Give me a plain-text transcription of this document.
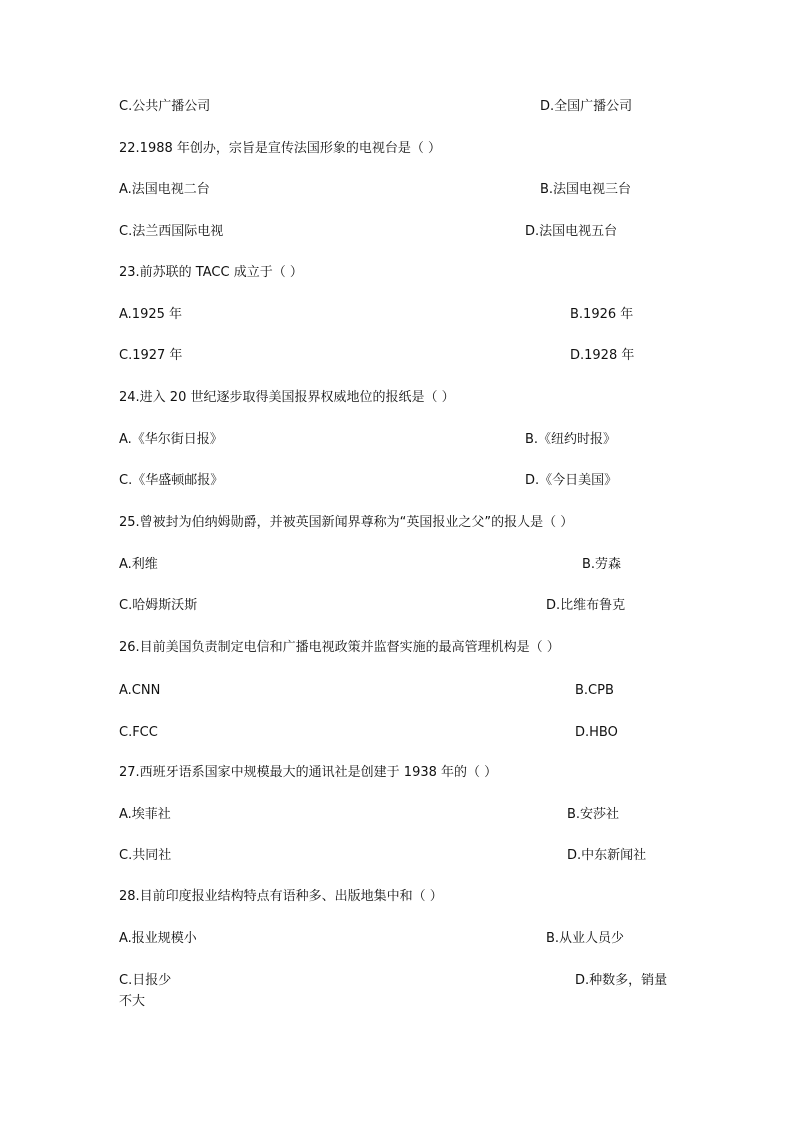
C.公共广播公司	D.全国广播公司
22.1988 年创办，宗旨是宣传法国形象的电视台是（ ）
A.法国电视二台	B.法国电视三台
C.法兰西国际电视	D.法国电视五台
23.前苏联的 TACC 成立于（ ）
A.1925 年	B.1926 年
C.1927 年	D.1928 年
24.进入 20 世纪逐步取得美国报界权威地位的报纸是（ ）
A.《华尔街日报》	B.《纽约时报》
C.《华盛顿邮报》	D.《今日美国》
25.曾被封为伯纳姆勋爵，并被英国新闻界尊称为“英国报业之父”的报人是（ ）
A.利维	B.劳森
C.哈姆斯沃斯	D.比维布鲁克
26.目前美国负责制定电信和广播电视政策并监督实施的最高管理机构是（ ）
A.CNN	B.CPB
C.FCC	D.HBO
27.西班牙语系国家中规模最大的通讯社是创建于 1938 年的（ ）
A.埃菲社	B.安莎社
C.共同社	D.中东新闻社
28.目前印度报业结构特点有语种多、出版地集中和（ ）
A.报业规模小	B.从业人员少
C.日报少	D.种数多，销量
不大
